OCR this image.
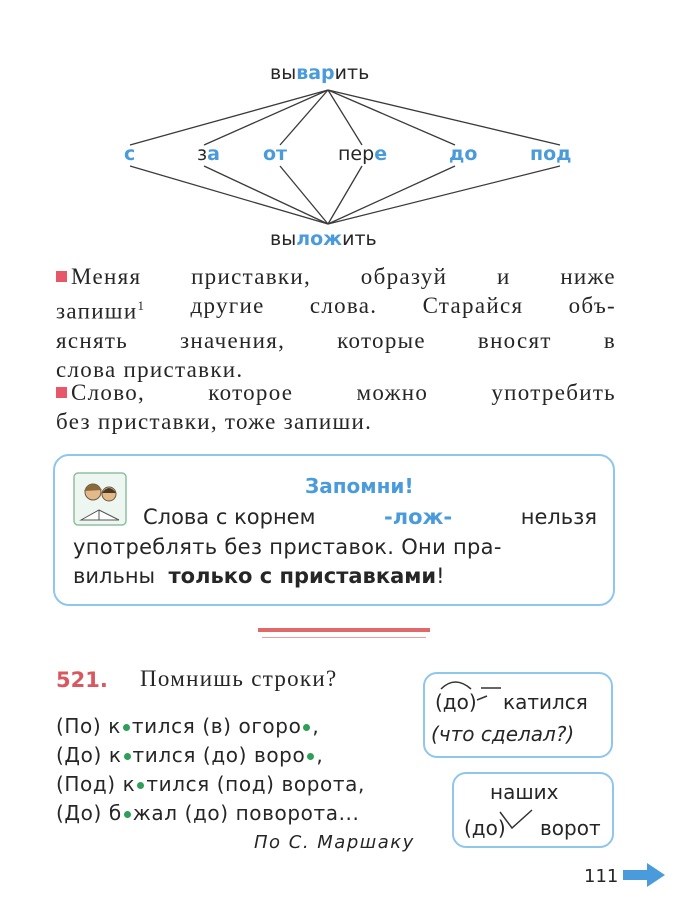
выварить
с	за от	пере	до	под
выложить
Меняя приставки, образуй и ниже
запиши$^1$ другие слова. Старайся объ-
яснять значения, которые вносят в
слова приставки.
Слово,	которое	можно	употребить
без приставки, тоже запиши.
Запомни!
Слова с корнем	-лож-	нельзя
употреблять без приставок. Они пра-
вильны только с приставками!
521. Помнишь строки?
(По) к тился (в) огоро ,
(До) к тился (до) воро ,
(Под) к тился (под) ворота,
(До) б жал (до) поворота...
По С. Маршаку
(до) катился
(что сделал?)
наших
(до) ворот
111
